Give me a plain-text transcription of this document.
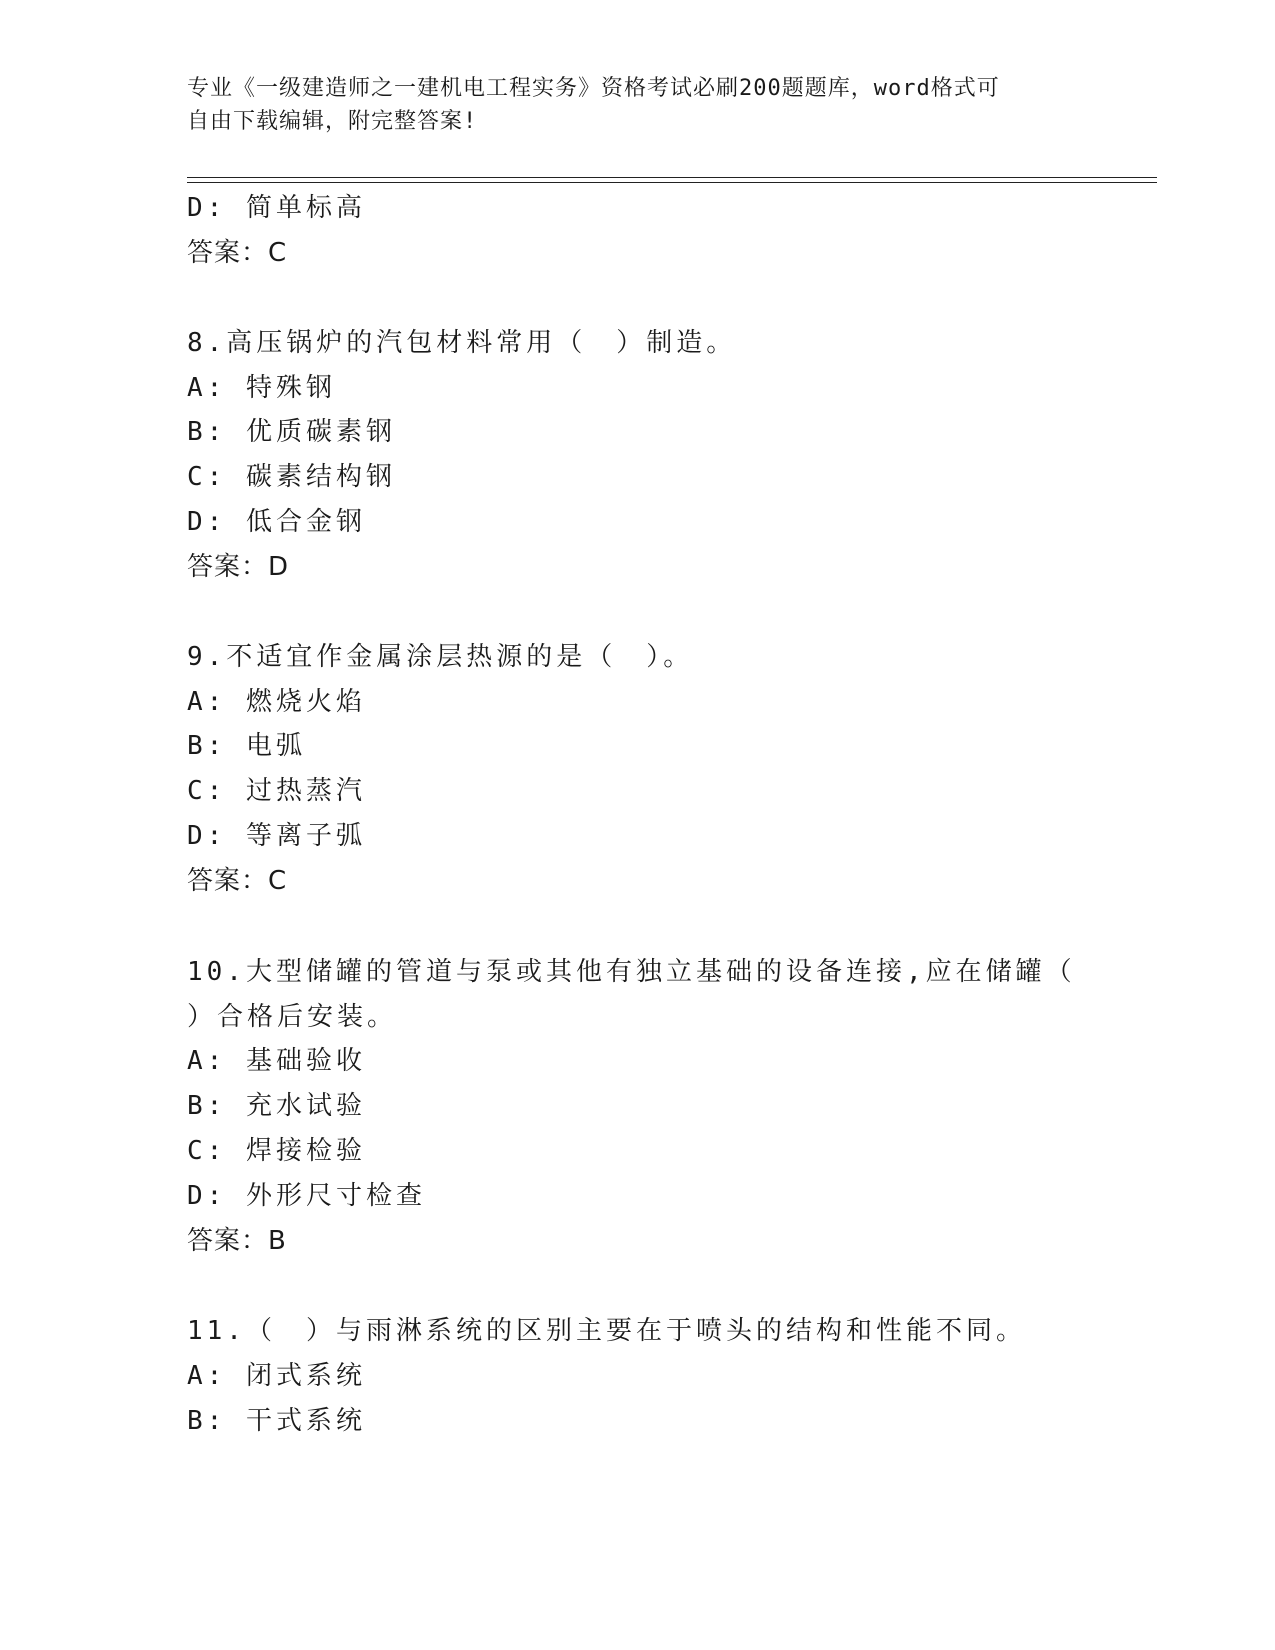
专业《一级建造师之一建机电工程实务》资格考试必刷200题题库，word格式可
自由下载编辑，附完整答案!
D: 简单标高
答案：C
8.高压锅炉的汽包材料常用（　）制造。
A: 特殊钢
B: 优质碳素钢
C: 碳素结构钢
D: 低合金钢
答案：D
9.不适宜作金属涂层热源的是（　）。
A: 燃烧火焰
B: 电弧
C: 过热蒸汽
D: 等离子弧
答案：C
10.大型储罐的管道与泵或其他有独立基础的设备连接,应在储罐（
）合格后安装。
A: 基础验收
B: 充水试验
C: 焊接检验
D: 外形尺寸检查
答案：B
11.（　）与雨淋系统的区别主要在于喷头的结构和性能不同。
A: 闭式系统
B: 干式系统
